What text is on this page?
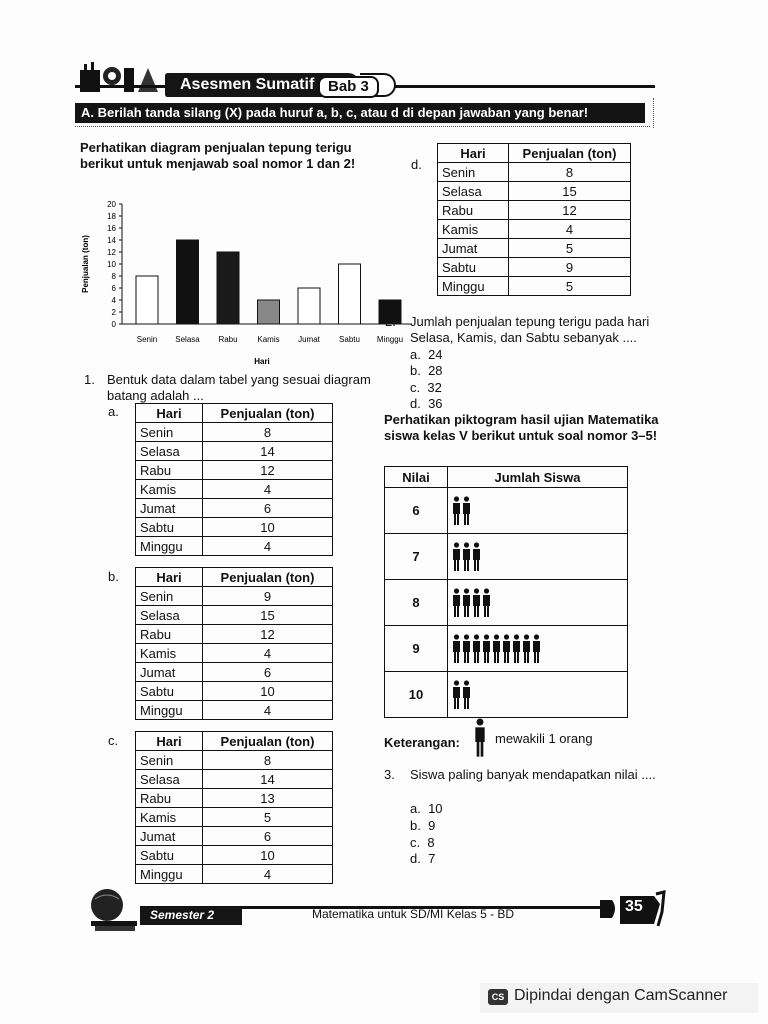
Asesmen Sumatif Bab 3
A. Berilah tanda silang (X) pada huruf a, b, c, atau d di depan jawaban yang benar!
Perhatikan diagram penjualan tepung terigu berikut untuk menjawab soal nomor 1 dan 2!
0
2
4
6
8
10
12
14
16
18
20
Penjualan (ton)
Senin Selasa Rabu Kamis Jumat Sabtu Minggu
Hari
1. Bentuk data dalam tabel yang sesuai diagram batang adalah ...
a.	Hari	Penjualan (ton)
Senin	8
Selasa	14
Rabu	12
Kamis	4
Jumat	6
Sabtu	10
Minggu	4
b.	Hari	Penjualan (ton)
Senin	9
Selasa	15
Rabu	12
Kamis	4
Jumat	6
Sabtu	10
Minggu	4
c.	Hari	Penjualan (ton)
Senin	8
Selasa	14
Rabu	13
Kamis	5
Jumat	6
Sabtu	10
Minggu	4
d.
Hari	Penjualan (ton)
Senin	8
Selasa	15
Rabu	12
Kamis	4
Jumat	5
Sabtu	9
Minggu	5
2. Jumlah penjualan tepung terigu pada hari Selasa, Kamis, dan Sabtu sebanyak ....
a. 24
b. 28
c. 32
d. 36
Perhatikan piktogram hasil ujian Matematika siswa kelas V berikut untuk soal nomor 3–5!
Nilai	Jumlah Siswa
6	
7	
8	
9	
10	
Keterangan:	mewakili 1 orang
3. Siswa paling banyak mendapatkan nilai ....
a. 10
b. 9
c. 8
d. 7
Semester 2	Matematika untuk SD/MI Kelas 5 - BD	35
CS Dipindai dengan CamScanner
